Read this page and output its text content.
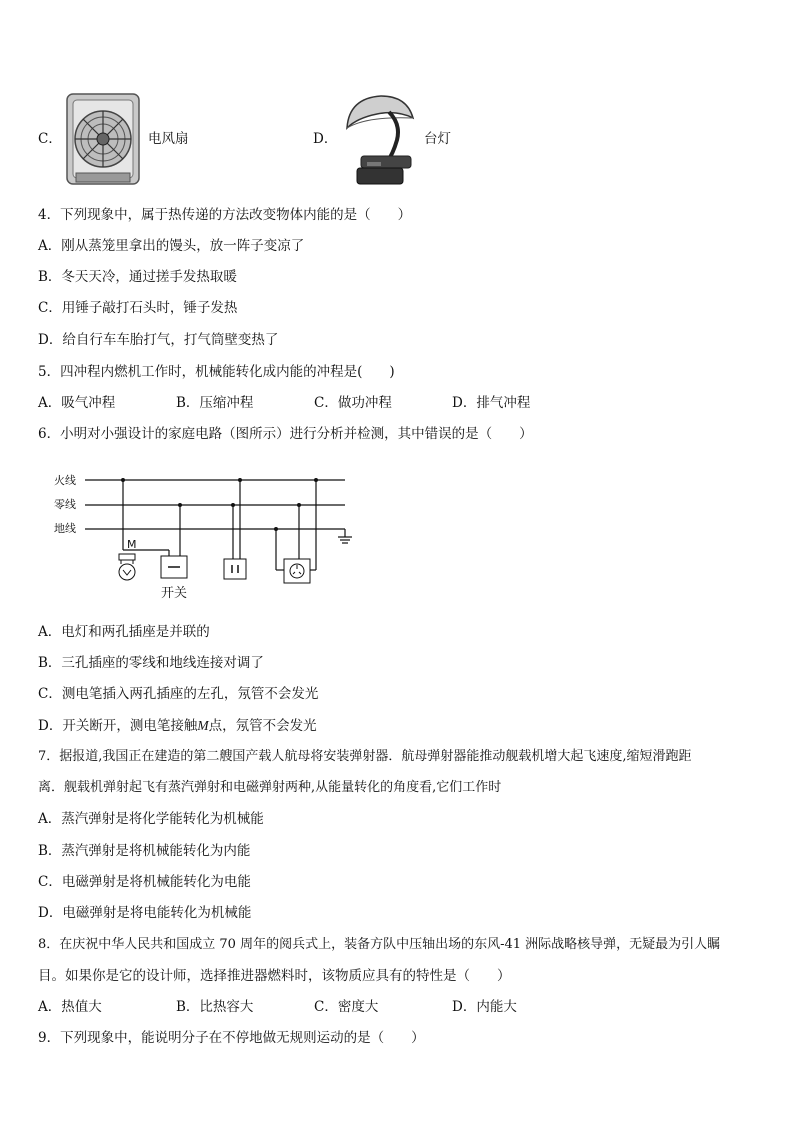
C．	电风扇	D．	台灯
4．下列现象中，属于热传递的方法改变物体内能的是（　　）
A．刚从蒸笼里拿出的馒头，放一阵子变凉了
B．冬天天冷，通过搓手发热取暖
C．用锤子敲打石头时，锤子发热
D．给自行车车胎打气，打气筒壁变热了
5．四冲程内燃机工作时，机械能转化成内能的冲程是(　　)
A．吸气冲程	B．压缩冲程	C．做功冲程	D．排气冲程
6．小明对小强设计的家庭电路（图所示）进行分析并检测，其中错误的是（　　）
火线
零线
地线
M
开关
A．电灯和两孔插座是并联的
B．三孔插座的零线和地线连接对调了
C．测电笔插入两孔插座的左孔，氖管不会发光
D．开关断开，测电笔接触M点，氖管不会发光
7．据报道,我国正在建造的第二艘国产载人航母将安装弹射器．航母弹射器能推动舰载机增大起飞速度,缩短滑跑距
离．舰载机弹射起飞有蒸汽弹射和电磁弹射两种,从能量转化的角度看,它们工作时
A．蒸汽弹射是将化学能转化为机械能
B．蒸汽弹射是将机械能转化为内能
C．电磁弹射是将机械能转化为电能
D．电磁弹射是将电能转化为机械能
8．在庆祝中华人民共和国成立 70 周年的阅兵式上，装备方队中压轴出场的东风-41 洲际战略核导弹，无疑最为引人瞩
目。如果你是它的设计师，选择推进器燃料时，该物质应具有的特性是（　　）
A．热值大	B．比热容大	C．密度大	D．内能大
9．下列现象中，能说明分子在不停地做无规则运动的是（　　）
